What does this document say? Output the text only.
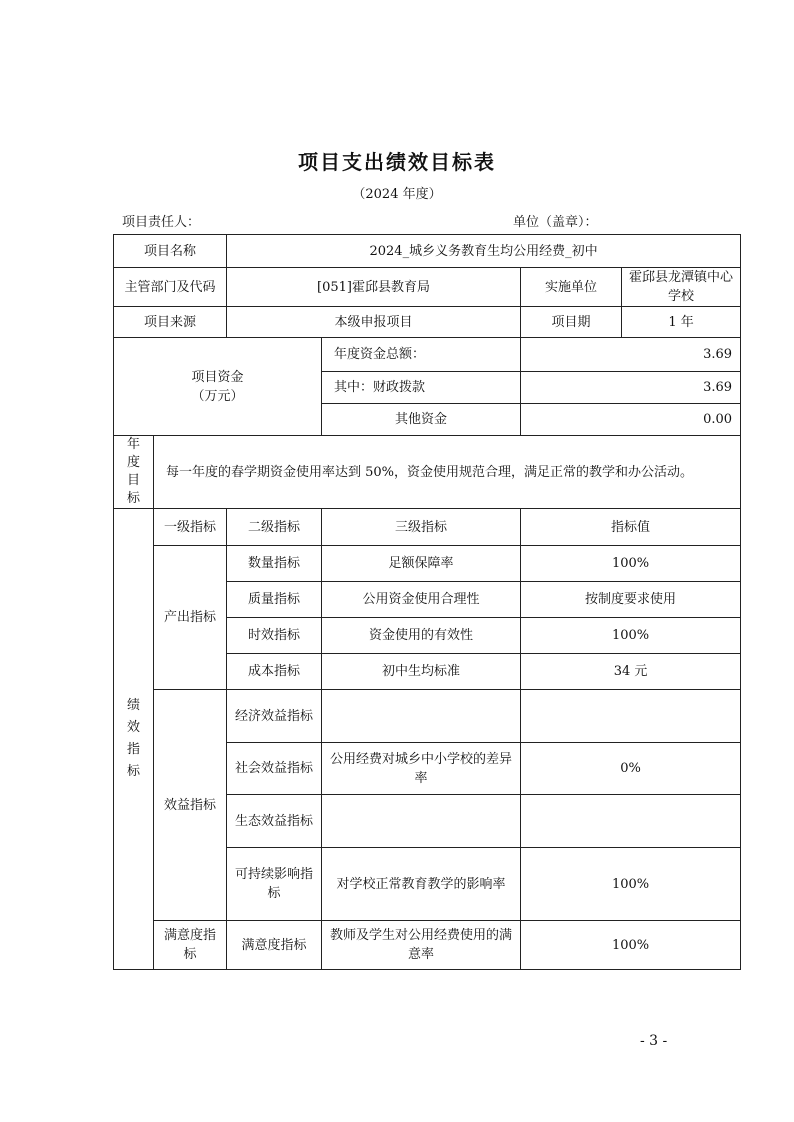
项目支出绩效目标表
（2024 年度）
项目责任人：	单位（盖章）：
项目名称		2024_城乡义务教育生均公用经费_初中			
主管部门及代码		[051]霍邱县教育局		实施单位	霍邱县龙潭镇中心学校
项目来源		本级申报项目		项目期	1 年

项目资金
（万元）			年度资金总额：	3.69	
			其中：财政拨款	3.69	
			其他资金	0.00	

年度目标	每一年度的春学期资金使用率达到 50%，资金使用规范合理，满足正常的教学和办公活动。				

绩效指标	一级指标	二级指标	三级指标	指标值	
	产出指标	数量指标	足额保障率	100%	
		质量指标	公用资金使用合理性	按制度要求使用	
		时效指标	资金使用的有效性	100%	
		成本指标	初中生均标准	34 元	
	效益指标	经济效益指标			
		社会效益指标	公用经费对城乡中小学校的差异率	0%	
		生态效益指标			
		可持续影响指标	对学校正常教育教学的影响率	100%	
	满意度指标	满意度指标	教师及学生对公用经费使用的满意率	100%	
- 3 -
